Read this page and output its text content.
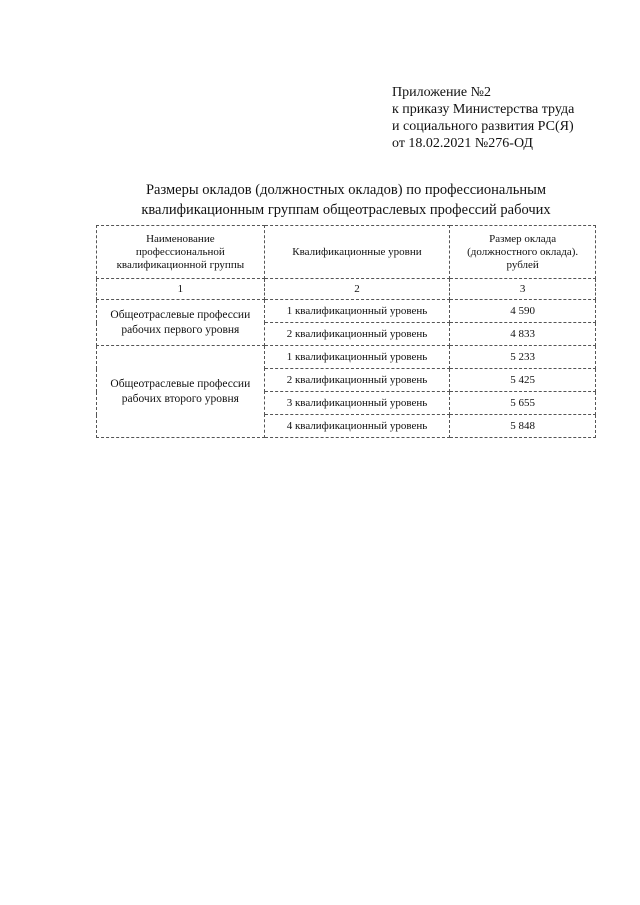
Приложение №2
к приказу Министерства труда
и социального развития РС(Я)
от 18.02.2021 №276-ОД
Размеры окладов (должностных окладов) по профессиональным
квалификационным группам общеотраслевых профессий рабочих
Наименование профессиональной квалификационной группы	Квалификационные уровни	Размер оклада (должностного оклада). рублей
1	2	3
Общеотраслевые профессии рабочих первого уровня	1 квалификационный уровень	4 590
	2 квалификационный уровень	4 833
Общеотраслевые профессии рабочих второго уровня	1 квалификационный уровень	5 233
	2 квалификационный уровень	5 425
	3 квалификационный уровень	5 655
	4 квалификационный уровень	5 848
